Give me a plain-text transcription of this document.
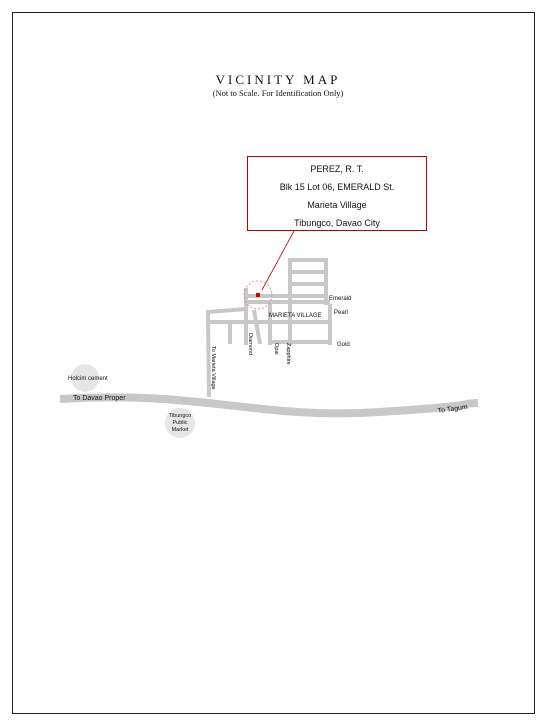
VICINITY MAP
(Not to Scale. For Identification Only)
PEREZ, R. T.
Blk 15 Lot 06, EMERALD St.
Marieta Village
Tibungco, Davao City
MARIETA VILLAGE
Emerald
Pearl
Gold
Diamond	Opal Zapphire
To Marieta Village
Holcim cement
Tibungco
Public
Market
To Davao Proper
To Tagum
